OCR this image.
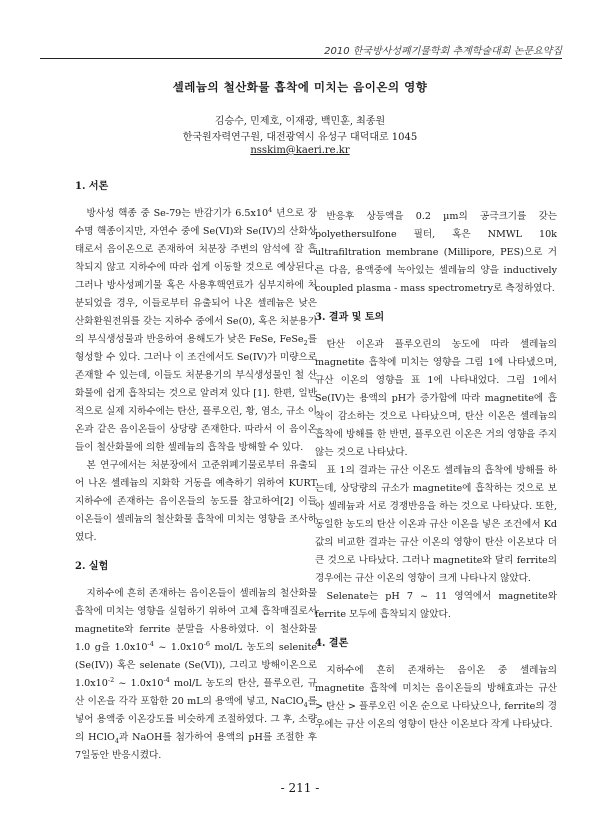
2010 한국방사성폐기물학회 추계학술대회 논문요약집
셀레늄의 철산화물 흡착에 미치는 음이온의 영향
김승수, 민제호, 이재광, 백민훈, 최종원
한국원자력연구원, 대전광역시 유성구 대덕대로 1045
nsskim@kaeri.re.kr

1. 서론

방사성 핵종 중 Se-79는 반감기가 $6.5x10^4$ 년으로 장수명 핵종이지만, 자연수 중에 Se(VI)와 Se(IV)의 산화상태로서 음이온으로 존재하여 처분장 주변의 암석에 잘 흡착되지 않고 지하수에 따라 쉽게 이동할 것으로 예상된다. 그러나 방사성폐기물 혹은 사용후핵연료가 심부지하에 처분되었을 경우, 이들로부터 유출되어 나온 셀레늄은 낮은 산화환원전위를 갖는 지하수 중에서 Se(0), 혹은 처분용기의 부식생성물과 반응하여 용해도가 낮은 FeSe, FeSe$_2$를 형성할 수 있다. 그러나 이 조건에서도 Se(IV)가 미량으로 존재할 수 있는데, 이들도 처분용기의 부식생성물인 철 산화물에 쉽게 흡착되는 것으로 알려져 있다 [1]. 한편, 일반적으로 실제 지하수에는 탄산, 플루오린, 황, 염소, 규소 이온과 같은 음이온들이 상당량 존재한다. 따라서 이 음이온들이 철산화물에 의한 셀레늄의 흡착을 방해할 수 있다.

본 연구에서는 처분장에서 고준위폐기물로부터 유출되어 나온 셀레늄의 지화학 거동을 예측하기 위하여 KURT 지하수에 존재하는 음이온들의 농도를 참고하여[2] 이들 이온들이 셀레늄의 철산화물 흡착에 미치는 영향을 조사하였다.

2. 실험

지하수에 흔히 존재하는 음이온들이 셀레늄의 철산화물 흡착에 미치는 영향을 실험하기 위하여 고체 흡착매질로서 magnetite와 ferrite 분말을 사용하였다. 이 철산화물 1.0 g을 $1.0x10^{-4}$ ~ $1.0x10^{-6}$ mol/L 농도의 selenite (Se(IV)) 혹은 selenate (Se(VI)), 그리고 방해이온으로 $1.0x10^{-2}$ ~ $1.0x10^{-4}$ mol/L 농도의 탄산, 플루오린, 규산 이온을 각각 포함한 20 mL의 용액에 넣고, NaClO$_4$를 넣어 용액중 이온강도를 비슷하게 조절하였다. 그 후, 소량의 HClO$_4$과 NaOH를 첨가하여 용액의 pH를 조절한 후 7일동안 반응시켰다.

반응후 상등액을 0.2 µm의 공극크기를 갖는 polyethersulfone 필터, 혹은 NMWL 10k ultrafiltration membrane (Millipore, PES)으로 거른 다음, 용액중에 녹아있는 셀레늄의 양을 inductively coupled plasma - mass spectrometry로 측정하였다.

3. 결과 및 토의

탄산 이온과 플루오린의 농도에 따라 셀레늄의 magnetite 흡착에 미치는 영향을 그림 1에 나타냈으며, 규산 이온의 영향을 표 1에 나타내었다. 그림 1에서 Se(IV)는 용액의 pH가 증가함에 따라 magnetite에 흡착이 감소하는 것으로 나타났으며, 탄산 이온은 셀레늄의 흡착에 방해를 한 반면, 플루오린 이온은 거의 영향을 주지 않는 것으로 나타났다.

표 1의 결과는 규산 이온도 셀레늄의 흡착에 방해를 하는데, 상당량의 규소가 magnetite에 흡착하는 것으로 보아 셀레늄과 서로 경쟁반응을 하는 것으로 나타났다. 또한, 동일한 농도의 탄산 이온과 규산 이온을 넣은 조건에서 Kd값의 비교한 결과는 규산 이온의 영향이 탄산 이온보다 더 큰 것으로 나타났다. 그러나 magnetite와 달리 ferrite의 경우에는 규산 이온의 영향이 크게 나타나지 않았다.

Selenate는 pH 7 ~ 11 영역에서 magnetite와 ferrite 모두에 흡착되지 않았다.

4. 결론

지하수에 흔히 존재하는 음이온 중 셀레늄의 magnetite 흡착에 미치는 음이온들의 방해효과는 규산 > 탄산 > 플루오린 이온 순으로 나타났으나, ferrite의 경우에는 규산 이온의 영향이 탄산 이온보다 작게 나타났다.

- 211 -
